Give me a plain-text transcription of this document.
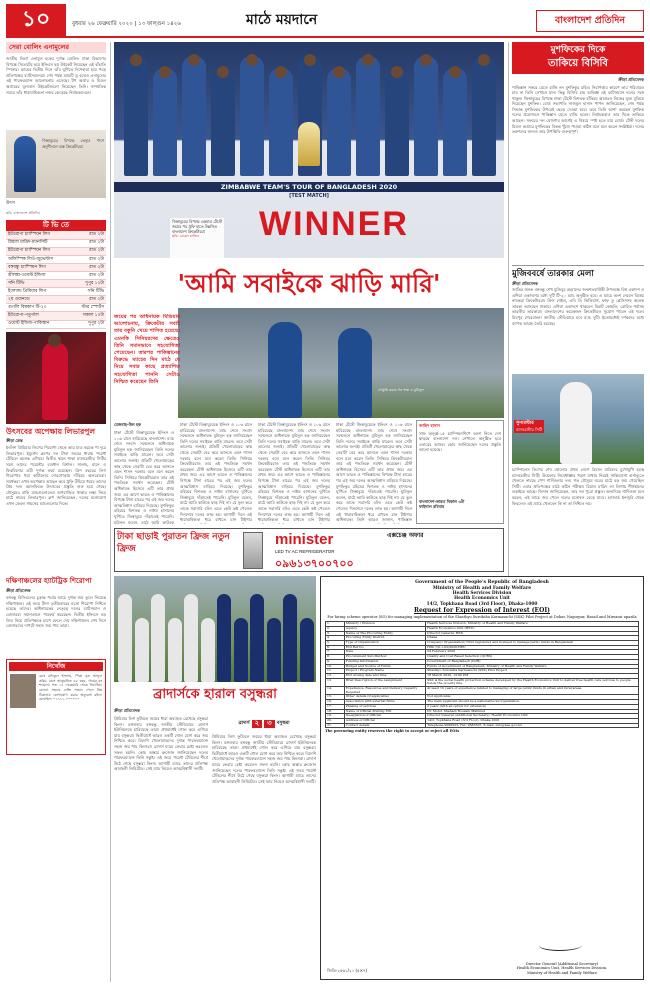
১০	বুধবার ২৬ ফেব্রুয়ারি ২০২০ | ১৩ ফাল্গুন ১৪২৬	মাঠে ময়দানে	বাংলাদেশ প্রতিদিন
সেরা বোলিং এনামুলের
জাতীয় লিগে এনামুল হকের দুর্দান্ত বোলিং। ঢাকা বিভাগের বিপক্ষে সিলেটের হয়ে ইনিংসে ছয় উইকেট নিয়েছেন এই বাঁহাতি স্পিনার। ম্যাচের দ্বিতীয় দিনে তাঁর ঘূর্ণিতে দিশেহারা হয়ে পড়ে প্রতিপক্ষের ব্যাটসম্যানরা। শেষ পর্যন্ত ম্যাচটি ড্র হলেও এনামুলের এই পারফরম্যান্স আলোচনায় এসেছে। টপ অর্ডার ও মিডল অর্ডারের মূল্যবান উইকেটগুলো নিয়েছেন তিনি। সাম্প্রতিক সময়ে তাঁর ধারাবাহিকতা নজর কেড়েছে নির্বাচকদেরও।
জিম্বাবুয়ের বিপক্ষে ভেন্যুর পাশে অনুশীলনে ব্যস্ত ক্রিকেটাররা
উৎস
ছবি: বাংলাদেশ প্রতিদিন
টি ভি তে
ইউরোপা চ্যাম্পিয়ন লিগ	রাত ২টা
রিয়াল মাদ্রিদ-ম্যানসিটি	রাত ২টা
ইউরোপা চ্যাম্পিয়ন লিগ	রাত ২টা
অলিম্পিক লিওঁ-জুভেন্টাস	রাত ২টা
বঙ্গবন্ধু চ্যাম্পিয়ন লিগ	রাত ২টা
শ্রীলঙ্কা-ওয়েস্ট ইন্ডিজ	রাত ২টা
সনি টিভি	দুপুর ১২টা
ইংল্যান্ড প্রিমিয়ার লিগ	সনি টিভি
২য় ওয়ানডে	রাত ২টা
গুগলি বিশ্বকাপ টি-২০	স্টার স্পোর্টস
ইউরোপা-পতুর্গাল	সকাল ১০টা
ওয়েস্ট ইন্ডিজ-পাকিস্তান	দুপুর ২টা
উৎসবের অপেক্ষায় লিভারপুল
ক্রীড়া ডেস্ক
ইংলিশ প্রিমিয়ার লিগের শিরোপা থেকে আর মাত্র কয়েক পা দূরে লিভারপুল। ইয়ুর্গেন ক্লপের দল টানা জয়ের ধারায় পয়েন্ট টেবিলে অনেক এগিয়ে। দ্বিতীয় স্থানে থাকা ম্যানচেস্টার সিটির সঙ্গে তাদের পয়েন্টের ব্যবধান বিশাল। সালাহ, মানে ও ফিরমিনোর ত্রয়ী দুর্দান্ত ফর্মে রয়েছেন। ত্রিশ বছরের লিগ শিরোপার খরা কাটানোর দোরগোড়ায় দাঁড়িয়ে অলরেডরা। সমর্থকরা এখন অপেক্ষায় আছেন কবে ট্রফি উঁচিয়ে ধরবে তাদের প্রিয় দল। অ্যানফিল্ডে উৎসবের প্রস্তুতি শুরু হয়ে গেছে। মৌসুমের বাকি ম্যাচগুলোতেও অপরাজিত থাকার লক্ষ্য নিয়ে মাঠে নামবে লিভারপুল। ক্লপ জানিয়েছেন, দলের মনোযোগ এখন কেবল সামনের ম্যাচগুলোর দিকে।
দক্ষিণাঞ্চলের হ্যাটট্রিক শিরোপা
ক্রীড়া প্রতিবেদক
বঙ্গবন্ধু বিসিএলের চূড়ান্ত পর্বের ম্যাচে দুর্দান্ত জয় তুলে নিয়েছে দক্ষিণাঞ্চল। এই জয়ে টানা তৃতীয়বারের মতো শিরোপা নিশ্চিত হয়েছে তাদের। অধিনায়কের নেতৃত্বে দলের ব্যাটসম্যান ও বোলাররা সমানতালে পারফর্ম করেছেন। দ্বিতীয় ইনিংসে বড় লিড নিয়ে প্রতিপক্ষকে চাপে ফেলে দেয় দক্ষিণাঞ্চল। শেষ দিনে বোলারদের দাপটে সহজ জয় পায় তারা।
নিখোঁজ
মোঃ রফিকুল ইসলাম, পিতা মৃত আব্দুল করিম, বয়স আনুমানিক ৪৫ বছর, গায়ের রং শ্যামলা। গত ১৫ ফেব্রুয়ারি থেকে নিখোঁজ। কোনো সহৃদয় ব্যক্তি সন্ধান পেলে নিম্ন ঠিকানায় যোগাযোগ করার অনুরোধ রইল। মোবাইল: ০১৭১১-০০০০০০
ZIMBABWE TEAM'S TOUR OF BANGLADESH 2020
[TEST MATCH]
WINNER
জিম্বাবুয়ের বিপক্ষে একমাত্র টেস্টে জয়ের পর ট্রফি হাতে উল্লসিত বাংলাদেশ ক্রিকেটাররা
ছবি: রোকন রাজিব
'আমি সবাইকে ঝাড়ি মারি'
সেঞ্চুরি করার পর শান্ত ও মুমিনুল
জয়ের পর অধিনায়ক মিডিয়ার আলোচনায়, ক্রিকেটার সবাই তার বকুনি খেয়ে শাসিত হয়েছে। এমনকি সিনিয়রদের ক্ষেত্রেও তিনি সমানভাবে সহযোগিতা পেয়েছেন। তারপর পাকিস্তানের বিরুদ্ধে ম্যাচের দিন মাঠে যে নিয়ে সবার কাছে প্রত্যাশিত সহযোগিতা পাননি সেটাও নিশ্চিত করেছেন তিনি
মেজবাহ-উল হক
ঢাকা টেস্টে জিম্বাবুয়েকে ইনিংস ও ১০৬ রানে হারিয়েছে বাংলাদেশ। ম্যাচ শেষে সংবাদ সম্মেলনে অধিনায়ক মুমিনুল হক জানিয়েছেন তিনি দলের সবাইকে ঝাড়ি মারেন। তবে সেটা ভালোর জন্যই। প্রতিটি খেলোয়াড়ের কাছ থেকে সেরাটা বের করে আনতে এমন শাসন দরকার বলে মনে করেন তিনি। সিনিয়র ক্রিকেটাররাও তার এই পদ্ধতিকে সমর্থন করেছেন। টেস্ট অধিনায়ক হিসেবে এটি তার প্রথম জয়। এর আগে ভারত ও পাকিস্তানের বিপক্ষে টানা হারের পর এই জয় দলের আত্মবিশ্বাস বাড়িয়ে দিয়েছে। মুশফিকুর রহিমের দ্বিশতক ও নাঈম হাসানের ঘূর্ণিতে জিম্বাবুয়ে দাঁড়াতেই পারেনি। মুমিনুল বলেন, মাঠে আমি কাউকে
ঢাকা টেস্টে জিম্বাবুয়েকে ইনিংস ও ১০৬ রানে হারিয়েছে বাংলাদেশ। ম্যাচ শেষে সংবাদ সম্মেলনে অধিনায়ক মুমিনুল হক জানিয়েছেন তিনি দলের সবাইকে ঝাড়ি মারেন। তবে সেটা ভালোর জন্যই। প্রতিটি খেলোয়াড়ের কাছ থেকে সেরাটা বের করে আনতে এমন শাসন দরকার বলে মনে করেন তিনি। সিনিয়র ক্রিকেটাররাও তার এই পদ্ধতিকে সমর্থন করেছেন। টেস্ট অধিনায়ক হিসেবে এটি তার প্রথম জয়। এর আগে ভারত ও পাকিস্তানের বিপক্ষে টানা হারের পর এই জয় দলের আত্মবিশ্বাস বাড়িয়ে দিয়েছে। মুশফিকুর রহিমের দ্বিশতক ও নাঈম হাসানের ঘূর্ণিতে জিম্বাবুয়ে দাঁড়াতেই পারেনি। মুমিনুল বলেন, মাঠে আমি কাউকে ছাড় দিই না। যে ভুল করে তাকে সরাসরি বলি। এতে কেউ কষ্ট পেলেও দিনশেষে দলের লাভ হয়। আগামী দিনে এই ধারাবাহিকতা ধরে রাখতে চান টাইগার
ঢাকা টেস্টে জিম্বাবুয়েকে ইনিংস ও ১০৬ রানে হারিয়েছে বাংলাদেশ। ম্যাচ শেষে সংবাদ সম্মেলনে অধিনায়ক মুমিনুল হক জানিয়েছেন তিনি দলের সবাইকে ঝাড়ি মারেন। তবে সেটা ভালোর জন্যই। প্রতিটি খেলোয়াড়ের কাছ থেকে সেরাটা বের করে আনতে এমন শাসন দরকার বলে মনে করেন তিনি। সিনিয়র ক্রিকেটাররাও তার এই পদ্ধতিকে সমর্থন করেছেন। টেস্ট অধিনায়ক হিসেবে এটি তার প্রথম জয়। এর আগে ভারত ও পাকিস্তানের বিপক্ষে টানা হারের পর এই জয় দলের আত্মবিশ্বাস বাড়িয়ে দিয়েছে। মুশফিকুর রহিমের দ্বিশতক ও নাঈম হাসানের ঘূর্ণিতে জিম্বাবুয়ে দাঁড়াতেই পারেনি। মুমিনুল বলেন, মাঠে আমি কাউকে ছাড় দিই না। যে ভুল করে তাকে সরাসরি বলি। এতে কেউ কষ্ট পেলেও দিনশেষে দলের লাভ হয়। আগামী দিনে এই ধারাবাহিকতা ধরে রাখতে চান টাইগার
ঢাকা টেস্টে জিম্বাবুয়েকে ইনিংস ও ১০৬ রানে হারিয়েছে বাংলাদেশ। ম্যাচ শেষে সংবাদ সম্মেলনে অধিনায়ক মুমিনুল হক জানিয়েছেন তিনি দলের সবাইকে ঝাড়ি মারেন। তবে সেটা ভালোর জন্যই। প্রতিটি খেলোয়াড়ের কাছ থেকে সেরাটা বের করে আনতে এমন শাসন দরকার বলে মনে করেন তিনি। সিনিয়র ক্রিকেটাররাও তার এই পদ্ধতিকে সমর্থন করেছেন। টেস্ট অধিনায়ক হিসেবে এটি তার প্রথম জয়। এর আগে ভারত ও পাকিস্তানের বিপক্ষে টানা হারের পর এই জয় দলের আত্মবিশ্বাস বাড়িয়ে দিয়েছে। মুশফিকুর রহিমের দ্বিশতক ও নাঈম হাসানের ঘূর্ণিতে জিম্বাবুয়ে দাঁড়াতেই পারেনি। মুমিনুল বলেন, মাঠে আমি কাউকে ছাড় দিই না। যে ভুল করে তাকে সরাসরি বলি। এতে কেউ কষ্ট পেলেও দিনশেষে দলের লাভ হয়। আগামী দিনে এই ধারাবাহিকতা ধরে রাখতে চান টাইগার অধিনায়ক। তিনি আরও জানান, পাকিস্তান
জাহিদ হাসান
সাফ অনূর্ধ্ব-১৫ চ্যাম্পিয়নশিপে অংশ নিতে দেশ ছাড়ছে বাংলাদেশ দল। নেপালে অনুষ্ঠিত হবে এবারের আসর। কোচ জানিয়েছেন দলের প্রস্তুতি ভালো হয়েছে।
বাংলাদেশ-ভারত বিকাল ৩টা
ফাইনাল রবিবার
টাকা ছাড়াই পুরাতন ফ্রিজ নতুন ফ্রিজ
minister
LED TV AC REFRIGERATOR
এক্সচেঞ্জ অফার
০৯৬১৩৭০০৭০০
ব্রাদার্সকে হারাল বসুন্ধরা
ক্রীড়া প্রতিবেদক
প্রিমিয়ার লিগ ফুটবলে জয়ের ধারা অব্যাহত রেখেছে বসুন্ধরা কিংস। মঙ্গলবার বঙ্গবন্ধু জাতীয় স্টেডিয়ামে ব্রাদার্স ইউনিয়নকে হারিয়েছে তারা। প্রথমার্ধেই গোল করে এগিয়ে যায় বসুন্ধরা। দ্বিতীয়ার্ধে আরও একটি গোল যোগ করে জয় নিশ্চিত করে। বিদেশি খেলোয়াড়দের দুর্দান্ত পারফরম্যান্সে সহজ জয় পায় কিংসরা। ব্রাদার্স ম্যাচে ফেরার চেষ্টা করলেও সফল হয়নি। কোচ অস্কার ব্রুজোন জানিয়েছেন দলের পারফরম্যান্সে তিনি সন্তুষ্ট। এই জয়ে পয়েন্ট টেবিলের শীর্ষে উঠে গেছে বসুন্ধরা কিংস। আগামী ম্যাচে তাদের প্রতিপক্ষ আবাহনী লিমিটেড। সেই ম্যাচ নিয়েও আত্মবিশ্বাসী দলটি।
ব্রাদার্স ২	৩	বসুন্ধরা
প্রিমিয়ার লিগ ফুটবলে জয়ের ধারা অব্যাহত রেখেছে বসুন্ধরা কিংস। মঙ্গলবার বঙ্গবন্ধু জাতীয় স্টেডিয়ামে ব্রাদার্স ইউনিয়নকে হারিয়েছে তারা। প্রথমার্ধেই গোল করে এগিয়ে যায় বসুন্ধরা। দ্বিতীয়ার্ধে আরও একটি গোল যোগ করে জয় নিশ্চিত করে। বিদেশি খেলোয়াড়দের দুর্দান্ত পারফরম্যান্সে সহজ জয় পায় কিংসরা। ব্রাদার্স ম্যাচে ফেরার চেষ্টা করলেও সফল হয়নি। কোচ অস্কার ব্রুজোন জানিয়েছেন দলের পারফরম্যান্সে তিনি সন্তুষ্ট। এই জয়ে পয়েন্ট টেবিলের শীর্ষে উঠে গেছে বসুন্ধরা কিংস। আগামী ম্যাচে তাদের প্রতিপক্ষ আবাহনী লিমিটেড। সেই ম্যাচ নিয়েও আত্মবিশ্বাসী দলটি।
মুশফিকের দিকে
তাকিয়ে বিসিবি
ক্রীড়া প্রতিবেদক
পাকিস্তান সফরে যেতে রাজি নন মুশফিকুর রহিম। নিরাপত্তার কারণে তার পরিবারও চায় না তিনি সেখানে যান। কিন্তু বিসিবি চায় অভিজ্ঞ এই ব্যাটসম্যান দলের সঙ্গে থাকুন। জিম্বাবুয়ের বিপক্ষে ঢাকা টেস্টে দ্বিশতক হাঁকিয়ে আবারও নিজের মূল্য বুঝিয়ে দিয়েছেন মুশফিক। বোর্ড সভাপতি নাজমুল হাসান পাপন জানিয়েছেন, শেষ পর্যন্ত সিদ্ধান্ত মুশফিকের উপরেই ছেড়ে দেওয়া হবে। তবে তিনি আশা করছেন মুশফিক দলের প্রয়োজনে পাকিস্তান যেতে রাজি হবেন। নির্বাচকরাও তার দিকে তাকিয়ে আছেন। সফরের দল ঘোষণার আগেই এ বিষয়ে স্পষ্ট হতে চায় বোর্ড। টেস্ট দলের মিডল অর্ডারে মুশফিকের বিকল্প খুঁজে পাওয়া কঠিন বলে মনে করেন সংশ্লিষ্টরা। দলের তরুণদের জন্যও তার উপস্থিতি গুরুত্বপূর্ণ।
মুজিববর্ষে তারকার মেলা
ক্রীড়া প্রতিবেদক
জাতির জনক বঙ্গবন্ধু শেখ মুজিবুর রহমানের জন্মশতবার্ষিকী উপলক্ষে বিশ্ব একাদশ ও এশিয়া একাদশের মধ্যে দুটি টি-২০ ম্যাচ অনুষ্ঠিত হবে। এ ম্যাচে অংশ নেবেন বিশ্বের নামকরা ক্রিকেটাররা। ক্রিস গেইল, এবি ডি ভিলিয়ার্স, ফাফ ডু প্লেসিসসহ অনেক তারকা আসছেন ঢাকায়। এশিয়া একাদশে থাকবেন বিরাট কোহলি, রোহিত শর্মাসহ ভারতীয় তারকারা। বাংলাদেশের কয়েকজন ক্রিকেটারও সুযোগ পাবেন এই দলে। মিরপুর শেরেবাংলা জাতীয় স্টেডিয়ামে হবে ম্যাচ দুটি। ইতোমধ্যেই দর্শকদের মধ্যে ব্যাপক আগ্রহ তৈরি হয়েছে।
সুপারস্টার
ম্যানচেস্টার সিটি
চ্যাম্পিয়নস লিগের শেষ ষোলোর প্রথম লেগে রিয়াল মাদ্রিদের মুখোমুখি হচ্ছে ম্যানচেস্টার সিটি। উয়েফার নিষেধাজ্ঞার খড়গ মাথায় নিয়েই সান্তিয়াগো বার্নাব্যুতে খেলতে নামছে পেপ গার্দিওলার দল। গত মৌসুমে ঘরের মাঠে বড় জয় পেয়েছিল সিটি। এবার প্রতিপক্ষের মাঠে কঠিন পরীক্ষা। রিয়াল মাদ্রিদ লা লিগায় শীর্ষস্থানের লড়াইয়ে আছে। জিদান জানিয়েছেন, তার দল পুরো প্রস্তুত। অন্যদিকে গার্দিওলা মনে করেন, এই ম্যাচে জয় পেলে দলের মনোবল বেড়ে যাবে। হ্যাজার্ড ইনজুরি থেকে ফিরলেও এই ম্যাচে খেলবেন কি না তা নিশ্চিত নয়।
Government of the People's Republic of Bangladesh
Ministry of Health and Family Welfare
Health Services Division
Health Economics Unit
14/2, Topkhana Road (3rd Floor), Dhaka-1000
Request for Expression of Interest (EOI)
For hiring scheme operator (SO) for managing implementation of the Shasthyo Suroksha Karmasuchi (SSK) Pilot Project at Dohar, Nagorpur, Rasail and Mirsarai upazila
1.	Ministry / Division	Health Services Division, Ministry of Health and Family Welfare
2.	Agency	Health Economics Unit (HEU)
3.	Name of The Procuring Entity	Director General, HEU
4.	Procuring Entity District	Dhaka
5.	Type of Organization	Company/ Organization/ NGO registered and licensed to manage public funds in Bangladesh
6.	EOI Ref No	Hlth-7/0-1-02/2020-HEU
7.	Date	24 February 2020
8.	Procurement Sub-Method	Quality and Cost Based Selection (QCBS)
9.	Funding Information	Government of Bangladesh (GOB)
10.	Budget and Source of Funds	Funds of Government of Bangladesh, Ministry of Health and Family Welfare
11.	Project / Program Name	Shasthyo Suroksha Karmasuchi (SSK) Pilot Project
12.	EOI closing date and time	18 March 2020, 12:00 PM
13.	Brief Description of the Assignment	SSK is the social health protection scheme developed by the Health Economics Unit to deliver free health care services to people below the poverty line.
14.	Experience, Resources and Delivery Capacity Required	At least 10 years of experience related to managing of large public funds in urban and rural areas.
15.	Other details (if applicable)	Not Applicable
16.	Association with external firms	The main applicant should be a national/local organization.
17.	Phasing of services	2 years (with an option for extension)
18.	Name of Official Inviting EOI	Dr. Mohd. Shahadt Hossain Mahmud
19.	Designation of Official	Director General (Additional Secretary), Health Economics Unit
20.	Address of Official	14/2, Topkhana Road (3rd Floor), Dhaka-1000
21.	Contact details	Telephone-9586023, Fax: 9583307, E-mail: info@heu.gov.bd
The procuring entity reserves the right to accept or reject all EOIs
Director General (Additional Secretary)
Health Economics Unit, Health Services Division,
Ministry of Health and Family Welfare
জিডি-২৫৬১/২০ (৫×৭)
